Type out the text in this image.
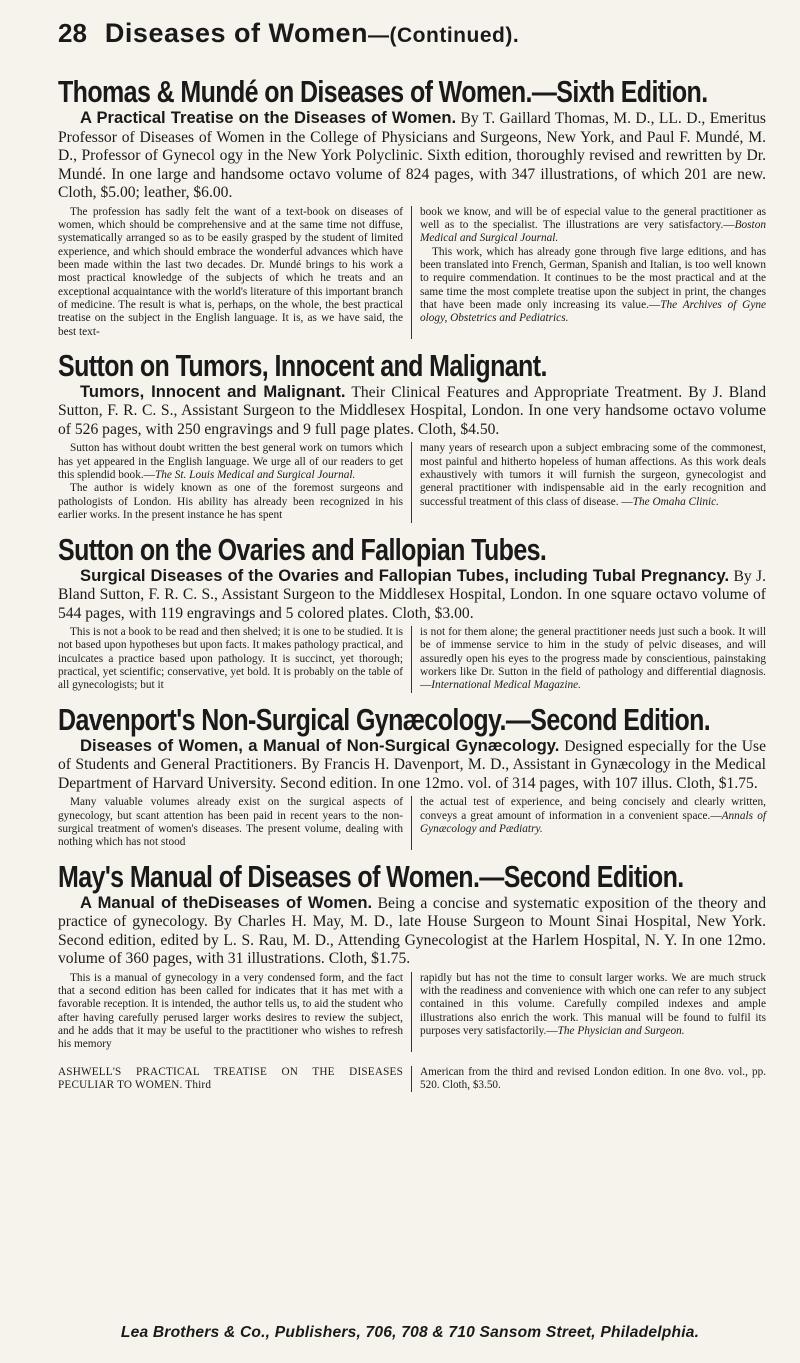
28 Diseases of Women—(Continued).
Thomas & Mundé on Diseases of Women.—Sixth Edition.

A Practical Treatise on the Diseases of Women. By T. Gaillard Thomas, M. D., LL. D., Emeritus Professor of Diseases of Women in the College of Physicians and Surgeons, New York, and Paul F. Mundé, M. D., Professor of Gynecol ogy in the New York Polyclinic. Sixth edition, thoroughly revised and rewritten by Dr. Mundé. In one large and handsome octavo volume of 824 pages, with 347 illustrations, of which 201 are new. Cloth, $5.00; leather, $6.00.

The profession has sadly felt the want of a text-book on diseases of women, which should be comprehensive and at the same time not diffuse, systematically arranged so as to be easily grasped by the student of limited experience, and which should embrace the wonderful advances which have been made within the last two decades. Dr. Mundé brings to his work a most practical knowledge of the subjects of which he treats and an exceptional acquaintance with the world's literature of this important branch of medicine. The result is what is, perhaps, on the whole, the best practical treatise on the subject in the English language. It is, as we have said, the best text-

book we know, and will be of especial value to the general practitioner as well as to the specialist. The illustrations are very satisfactory.—Boston Medical and Surgical Journal.

This work, which has already gone through five large editions, and has been translated into French, German, Spanish and Italian, is too well known to require commendation. It continues to be the most practical and at the same time the most complete treatise upon the subject in print, the changes that have been made only increasing its value.—The Archives of Gyne ology, Obstetrics and Pediatrics.

Sutton on Tumors, Innocent and Malignant.

Tumors, Innocent and Malignant. Their Clinical Features and Appropriate Treatment. By J. Bland Sutton, F. R. C. S., Assistant Surgeon to the Middlesex Hospital, London. In one very handsome octavo volume of 526 pages, with 250 engravings and 9 full page plates. Cloth, $4.50.

Sutton has without doubt written the best general work on tumors which has yet appeared in the English language. We urge all of our readers to get this splendid book.—The St. Louis Medical and Surgical Journal.

The author is widely known as one of the foremost surgeons and pathologists of London. His ability has already been recognized in his earlier works. In the present instance he has spent

many years of research upon a subject embracing some of the commonest, most painful and hitherto hopeless of human affections. As this work deals exhaustively with tumors it will furnish the surgeon, gynecologist and general practitioner with indispensable aid in the early recognition and successful treatment of this class of disease. —The Omaha Clinic.

Sutton on the Ovaries and Fallopian Tubes.

Surgical Diseases of the Ovaries and Fallopian Tubes, including Tubal Pregnancy. By J. Bland Sutton, F. R. C. S., Assistant Surgeon to the Middlesex Hospital, London. In one square octavo volume of 544 pages, with 119 engravings and 5 colored plates. Cloth, $3.00.

This is not a book to be read and then shelved; it is one to be studied. It is not based upon hypotheses but upon facts. It makes pathology practical, and inculcates a practice based upon pathology. It is succinct, yet thorough; practical, yet scientific; conservative, yet bold. It is probably on the table of all gynecologists; but it

is not for them alone; the general practitioner needs just such a book. It will be of immense service to him in the study of pelvic diseases, and will assuredly open his eyes to the progress made by conscientious, painstaking workers like Dr. Sutton in the field of pathology and differential diagnosis.—International Medical Magazine.

Davenport's Non-Surgical Gynæcology.—Second Edition.

Diseases of Women, a Manual of Non-Surgical Gynæcology. Designed especially for the Use of Students and General Practitioners. By Francis H. Davenport, M. D., Assistant in Gynæcology in the Medical Department of Harvard University. Second edition. In one 12mo. vol. of 314 pages, with 107 illus. Cloth, $1.75.

Many valuable volumes already exist on the surgical aspects of gynecology, but scant attention has been paid in recent years to the non-surgical treatment of women's diseases. The present volume, dealing with nothing which has not stood

the actual test of experience, and being concisely and clearly written, conveys a great amount of information in a convenient space.—Annals of Gynæcology and Pædiatry.

May's Manual of Diseases of Women.—Second Edition.

A Manual of theDiseases of Women. Being a concise and systematic exposition of the theory and practice of gynecology. By Charles H. May, M. D., late House Surgeon to Mount Sinai Hospital, New York. Second edition, edited by L. S. Rau, M. D., Attending Gynecologist at the Harlem Hospital, N. Y. In one 12mo. volume of 360 pages, with 31 illustrations. Cloth, $1.75.

This is a manual of gynecology in a very condensed form, and the fact that a second edition has been called for indicates that it has met with a favorable reception. It is intended, the author tells us, to aid the student who after having carefully perused larger works desires to review the subject, and he adds that it may be useful to the practitioner who wishes to refresh his memory

rapidly but has not the time to consult larger works. We are much struck with the readiness and convenience with which one can refer to any subject contained in this volume. Carefully compiled indexes and ample illustrations also enrich the work. This manual will be found to fulfil its purposes very satisfactorily.—The Physician and Surgeon.

ASHWELL'S PRACTICAL TREATISE ON THE DISEASES PECULIAR TO WOMEN. Third
American from the third and revised London edition. In one 8vo. vol., pp. 520. Cloth, $3.50.
Lea Brothers & Co., Publishers, 706, 708 & 710 Sansom Street, Philadelphia.
